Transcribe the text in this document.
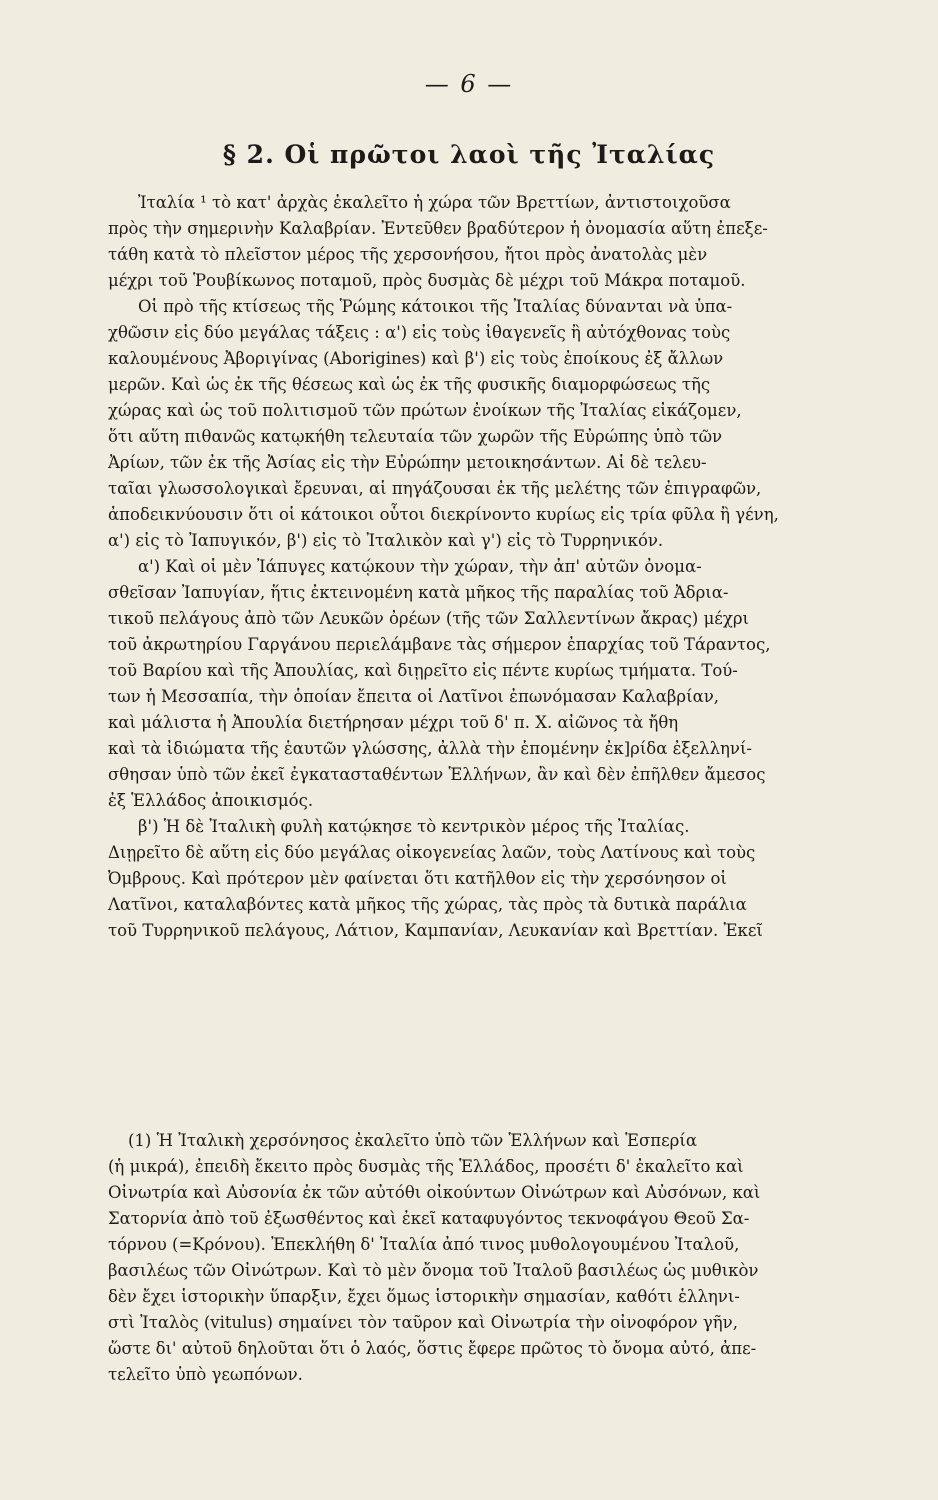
— 6 —
§ 2. Οἱ πρῶτοι λαοὶ τῆς Ἰταλίας
Ἰταλία ¹ τὸ κατ' ἀρχὰς ἐκαλεῖτο ἡ χώρα τῶν Βρεττίων, ἀντιστοιχοῦσα
πρὸς τὴν σημερινὴν Καλαβρίαν. Ἐντεῦθεν βραδύτερον ἡ ὀνομασία αὕτη ἐπεξε-
τάθη κατὰ τὸ πλεῖστον μέρος τῆς χερσονήσου, ἤτοι πρὸς ἀνατολὰς μὲν
μέχρι τοῦ Ῥουβίκωνος ποταμοῦ, πρὸς δυσμὰς δὲ μέχρι τοῦ Μάκρα ποταμοῦ.
Οἱ πρὸ τῆς κτίσεως τῆς Ῥώμης κάτοικοι τῆς Ἰταλίας δύνανται νὰ ὑπα-
χθῶσιν εἰς δύο μεγάλας τάξεις : α') εἰς τοὺς ἰθαγενεῖς ἢ αὐτόχθονας τοὺς
καλουμένους Ἀβοριγίνας (Aborigines) καὶ β') εἰς τοὺς ἐποίκους ἐξ ἄλλων
μερῶν. Καὶ ὡς ἐκ τῆς θέσεως καὶ ὡς ἐκ τῆς φυσικῆς διαμορφώσεως τῆς
χώρας καὶ ὡς τοῦ πολιτισμοῦ τῶν πρώτων ἐνοίκων τῆς Ἰταλίας εἰκάζομεν,
ὅτι αὕτη πιθανῶς κατῳκήθη τελευταία τῶν χωρῶν τῆς Εὐρώπης ὑπὸ τῶν
Ἀρίων, τῶν ἐκ τῆς Ἀσίας εἰς τὴν Εὐρώπην μετοικησάντων. Αἱ δὲ τελευ-
ταῖαι γλωσσολογικαὶ ἔρευναι, αἱ πηγάζουσαι ἐκ τῆς μελέτης τῶν ἐπιγραφῶν,
ἀποδεικνύουσιν ὅτι οἱ κάτοικοι οὗτοι διεκρίνοντο κυρίως εἰς τρία φῦλα ἢ γένη,
α') εἰς τὸ Ἰαπυγικόν, β') εἰς τὸ Ἰταλικὸν καὶ γ') εἰς τὸ Τυρρηνικόν.
α') Καὶ οἱ μὲν Ἰάπυγες κατῴκουν τὴν χώραν, τὴν ἀπ' αὐτῶν ὀνομα-
σθεῖσαν Ἰαπυγίαν, ἥτις ἐκτεινομένη κατὰ μῆκος τῆς παραλίας τοῦ Ἀδρια-
τικοῦ πελάγους ἀπὸ τῶν Λευκῶν ὀρέων (τῆς τῶν Σαλλεντίνων ἄκρας) μέχρι
τοῦ ἀκρωτηρίου Γαργάνου περιελάμβανε τὰς σήμερον ἐπαρχίας τοῦ Τάραντος,
τοῦ Βαρίου καὶ τῆς Ἀπουλίας, καὶ διῃρεῖτο εἰς πέντε κυρίως τμήματα. Τού-
των ἡ Μεσσαπία, τὴν ὁποίαν ἔπειτα οἱ Λατῖνοι ἐπωνόμασαν Καλαβρίαν,
καὶ μάλιστα ἡ Ἀπουλία διετήρησαν μέχρι τοῦ δ' π. Χ. αἰῶνος τὰ ἤθη
καὶ τὰ ἰδιώματα τῆς ἑαυτῶν γλώσσης, ἀλλὰ τὴν ἑπομένην ἐκ]ρίδα ἐξελληνί-
σθησαν ὑπὸ τῶν ἐκεῖ ἐγκατασταθέντων Ἑλλήνων, ἂν καὶ δὲν ἐπῆλθεν ἄμεσος
ἐξ Ἑλλάδος ἀποικισμός.
β') Ἡ δὲ Ἰταλικὴ φυλὴ κατῴκησε τὸ κεντρικὸν μέρος τῆς Ἰταλίας.
Διῃρεῖτο δὲ αὕτη εἰς δύο μεγάλας οἰκογενείας λαῶν, τοὺς Λατίνους καὶ τοὺς
Ὀμβρους. Καὶ πρότερον μὲν φαίνεται ὅτι κατῆλθον εἰς τὴν χερσόνησον οἱ
Λατῖνοι, καταλαβόντες κατὰ μῆκος τῆς χώρας, τὰς πρὸς τὰ δυτικὰ παράλια
τοῦ Τυρρηνικοῦ πελάγους, Λάτιον, Καμπανίαν, Λευκανίαν καὶ Βρεττίαν. Ἐκεῖ
(1) Ἡ Ἰταλικὴ χερσόνησος ἐκαλεῖτο ὑπὸ τῶν Ἑλλήνων καὶ Ἑσπερία
(ἡ μικρά), ἐπειδὴ ἔκειτο πρὸς δυσμὰς τῆς Ἑλλάδος, προσέτι δ' ἐκαλεῖτο καὶ
Οἰνωτρία καὶ Αὐσονία ἐκ τῶν αὐτόθι οἰκούντων Οἰνώτρων καὶ Αὐσόνων, καὶ
Σατορνία ἀπὸ τοῦ ἐξωσθέντος καὶ ἐκεῖ καταφυγόντος τεκνοφάγου Θεοῦ Σα-
τόρνου (=Κρόνου). Ἐπεκλήθη δ' Ἰταλία ἀπό τινος μυθολογουμένου Ἰταλοῦ,
βασιλέως τῶν Οἰνώτρων. Καὶ τὸ μὲν ὄνομα τοῦ Ἰταλοῦ βασιλέως ὡς μυθικὸν
δὲν ἔχει ἱστορικὴν ὕπαρξιν, ἔχει ὅμως ἱστορικὴν σημασίαν, καθότι ἑλληνι-
στὶ Ἰταλὸς (vitulus) σημαίνει τὸν ταῦρον καὶ Οἰνωτρία τὴν οἰνοφόρον γῆν,
ὥστε δι' αὐτοῦ δηλοῦται ὅτι ὁ λαός, ὅστις ἔφερε πρῶτος τὸ ὄνομα αὐτό, ἀπε-
τελεῖτο ὑπὸ γεωπόνων.
